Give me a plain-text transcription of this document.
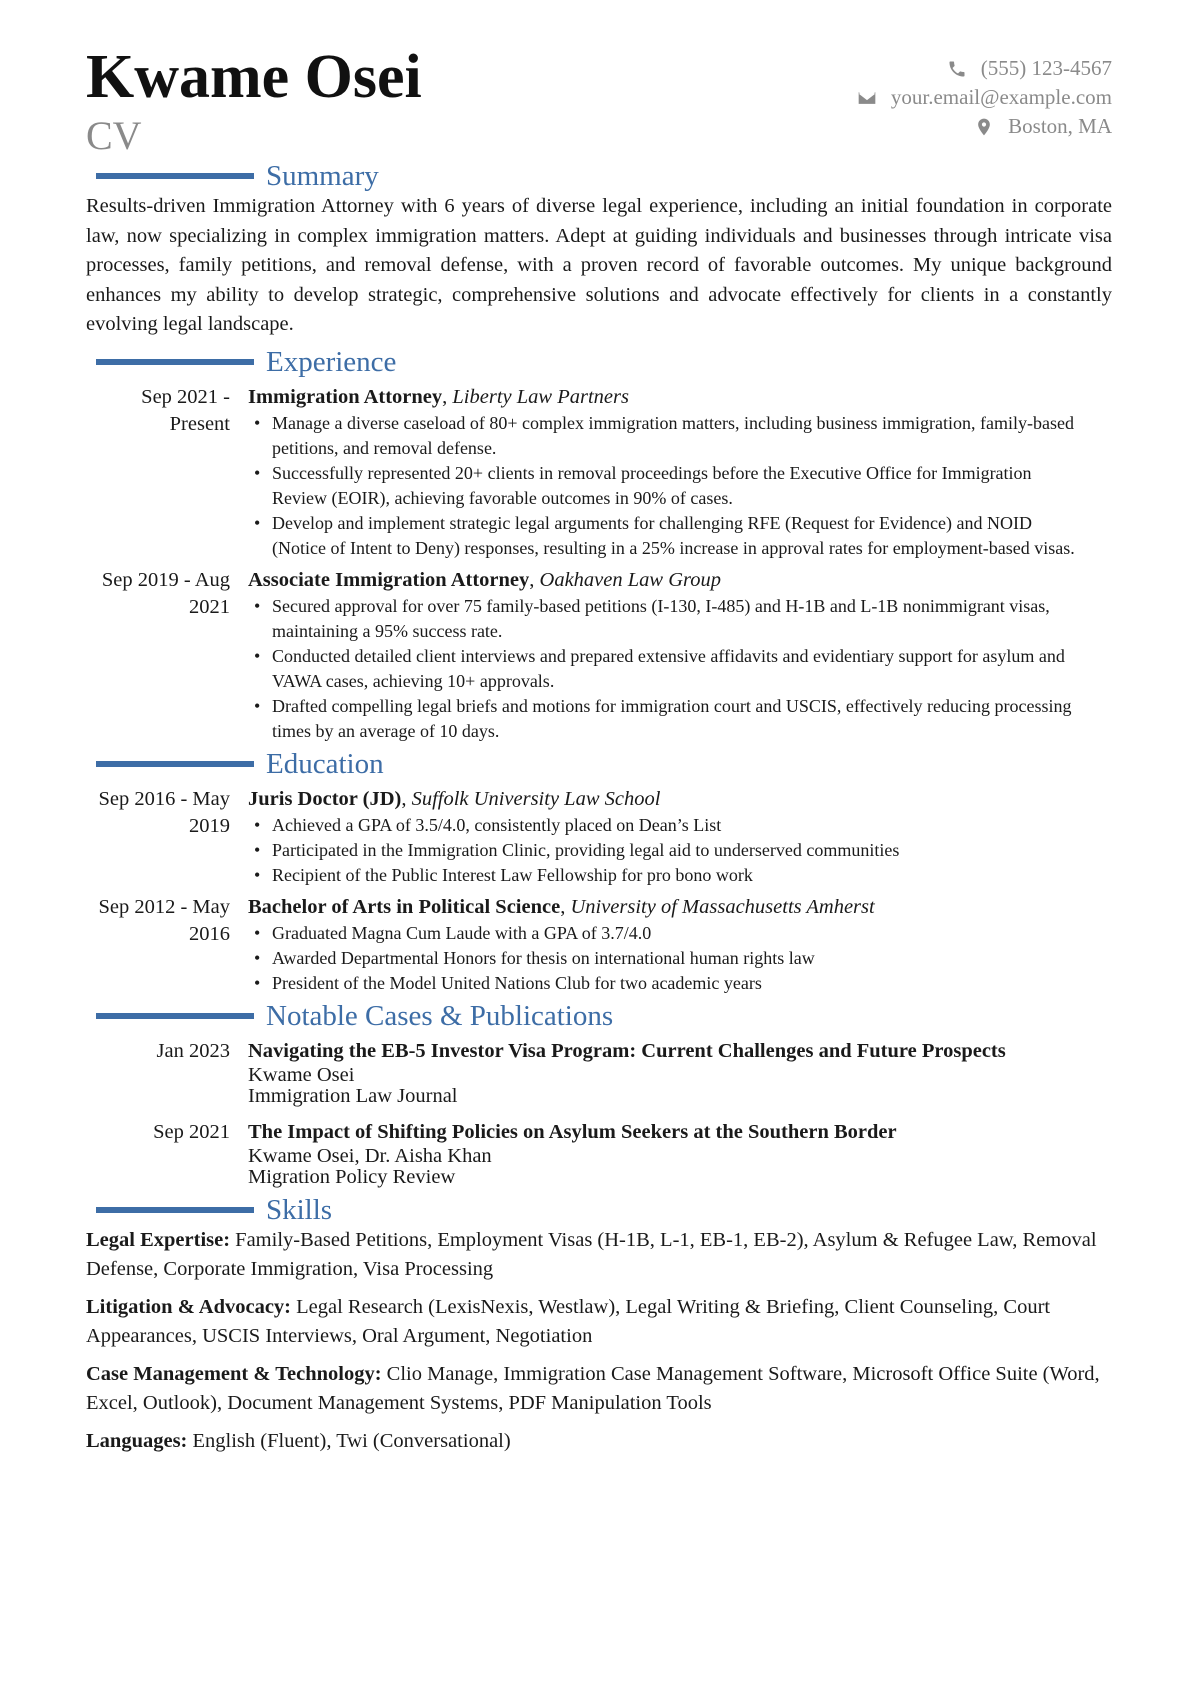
Kwame Osei
CV
(555) 123-4567
your.email@example.com
Boston, MA
Summary

Results-driven Immigration Attorney with 6 years of diverse legal experience, including an initial foundation in corporate law, now specializing in complex immigration matters. Adept at guiding individuals and businesses through intricate visa processes, family petitions, and removal defense, with a proven record of favorable outcomes. My unique background enhances my ability to develop strategic, comprehensive solutions and advocate effectively for clients in a constantly evolving legal landscape.

Experience
Sep 2021 - Present
Immigration Attorney, Liberty Law Partners
• Manage a diverse caseload of 80+ complex immigration matters, including business immigration, family-based petitions, and removal defense.
• Successfully represented 20+ clients in removal proceedings before the Executive Office for Immigration Review (EOIR), achieving favorable outcomes in 90% of cases.
• Develop and implement strategic legal arguments for challenging RFE (Request for Evidence) and NOID (Notice of Intent to Deny) responses, resulting in a 25% increase in approval rates for employment-based visas.
Sep 2019 - Aug 2021
Associate Immigration Attorney, Oakhaven Law Group
• Secured approval for over 75 family-based petitions (I-130, I-485) and H-1B and L-1B nonimmigrant visas, maintaining a 95% success rate.
• Conducted detailed client interviews and prepared extensive affidavits and evidentiary support for asylum and VAWA cases, achieving 10+ approvals.
• Drafted compelling legal briefs and motions for immigration court and USCIS, effectively reducing processing times by an average of 10 days.
Education
Sep 2016 - May 2019
Juris Doctor (JD), Suffolk University Law School
• Achieved a GPA of 3.5/4.0, consistently placed on Dean’s List
• Participated in the Immigration Clinic, providing legal aid to underserved communities
• Recipient of the Public Interest Law Fellowship for pro bono work
Sep 2012 - May 2016
Bachelor of Arts in Political Science, University of Massachusetts Amherst
• Graduated Magna Cum Laude with a GPA of 3.7/4.0
• Awarded Departmental Honors for thesis on international human rights law
• President of the Model United Nations Club for two academic years
Notable Cases & Publications
Jan 2023 Navigating the EB-5 Investor Visa Program: Current Challenges and Future Prospects
Kwame Osei
Immigration Law Journal
Sep 2021 The Impact of Shifting Policies on Asylum Seekers at the Southern Border
Kwame Osei, Dr. Aisha Khan
Migration Policy Review
Skills

Legal Expertise: Family-Based Petitions, Employment Visas (H-1B, L-1, EB-1, EB-2), Asylum & Refugee Law, Removal Defense, Corporate Immigration, Visa Processing

Litigation & Advocacy: Legal Research (LexisNexis, Westlaw), Legal Writing & Briefing, Client Counseling, Court Appearances, USCIS Interviews, Oral Argument, Negotiation

Case Management & Technology: Clio Manage, Immigration Case Management Software, Microsoft Office Suite (Word, Excel, Outlook), Document Management Systems, PDF Manipulation Tools

Languages: English (Fluent), Twi (Conversational)
